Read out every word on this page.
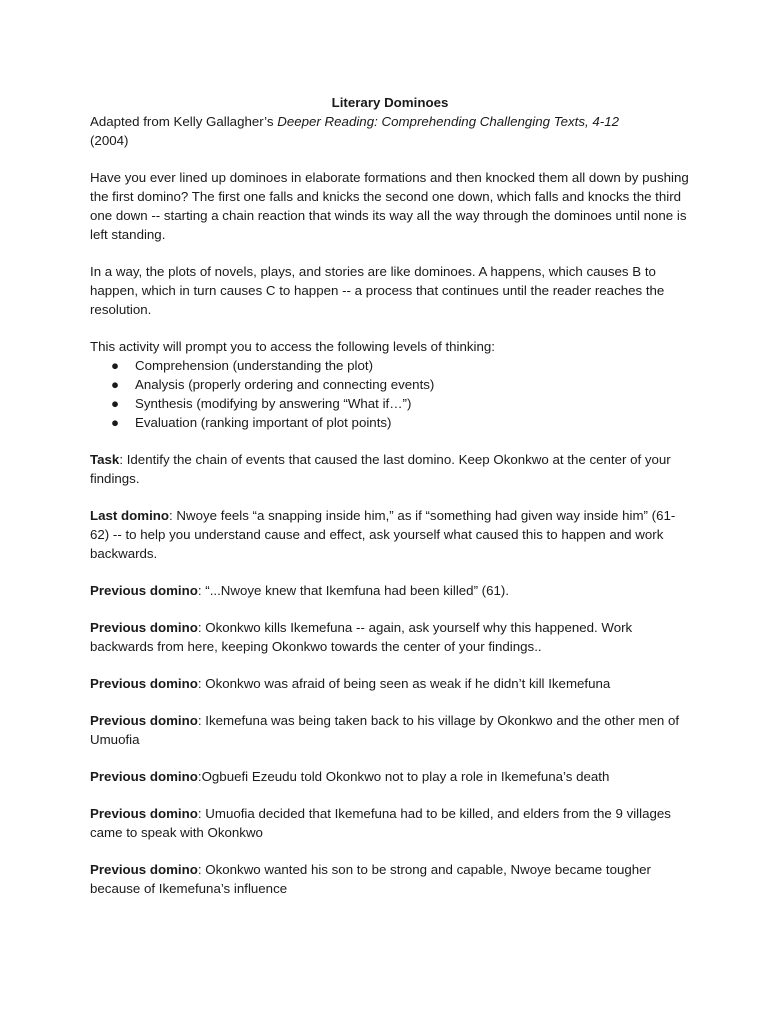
Literary Dominoes

Adapted from Kelly Gallagher’s Deeper Reading: Comprehending Challenging Texts, 4-12
(2004)

Have you ever lined up dominoes in elaborate formations and then knocked them all down by pushing the first domino? The first one falls and knicks the second one down, which falls and knocks the third one down -- starting a chain reaction that winds its way all the way through the dominoes until none is left standing.

In a way, the plots of novels, plays, and stories are like dominoes. A happens, which causes B to happen, which in turn causes C to happen -- a process that continues until the reader reaches the resolution.

This activity will prompt you to access the following levels of thinking:

● Comprehension (understanding the plot)
● Analysis (properly ordering and connecting events)
● Synthesis (modifying by answering “What if…”)
● Evaluation (ranking important of plot points)

Task: Identify the chain of events that caused the last domino. Keep Okonkwo at the center of your findings.

Last domino: Nwoye feels “a snapping inside him,” as if “something had given way inside him” (61-62) -- to help you understand cause and effect, ask yourself what caused this to happen and work backwards.

Previous domino: “...Nwoye knew that Ikemfuna had been killed” (61).

Previous domino: Okonkwo kills Ikemefuna -- again, ask yourself why this happened. Work backwards from here, keeping Okonkwo towards the center of your findings..

Previous domino: Okonkwo was afraid of being seen as weak if he didn’t kill Ikemefuna

Previous domino: Ikemefuna was being taken back to his village by Okonkwo and the other men of Umuofia

Previous domino:Ogbuefi Ezeudu told Okonkwo not to play a role in Ikemefuna’s death

Previous domino: Umuofia decided that Ikemefuna had to be killed, and elders from the 9 villages came to speak with Okonkwo

Previous domino: Okonkwo wanted his son to be strong and capable, Nwoye became tougher because of Ikemefuna’s influence
